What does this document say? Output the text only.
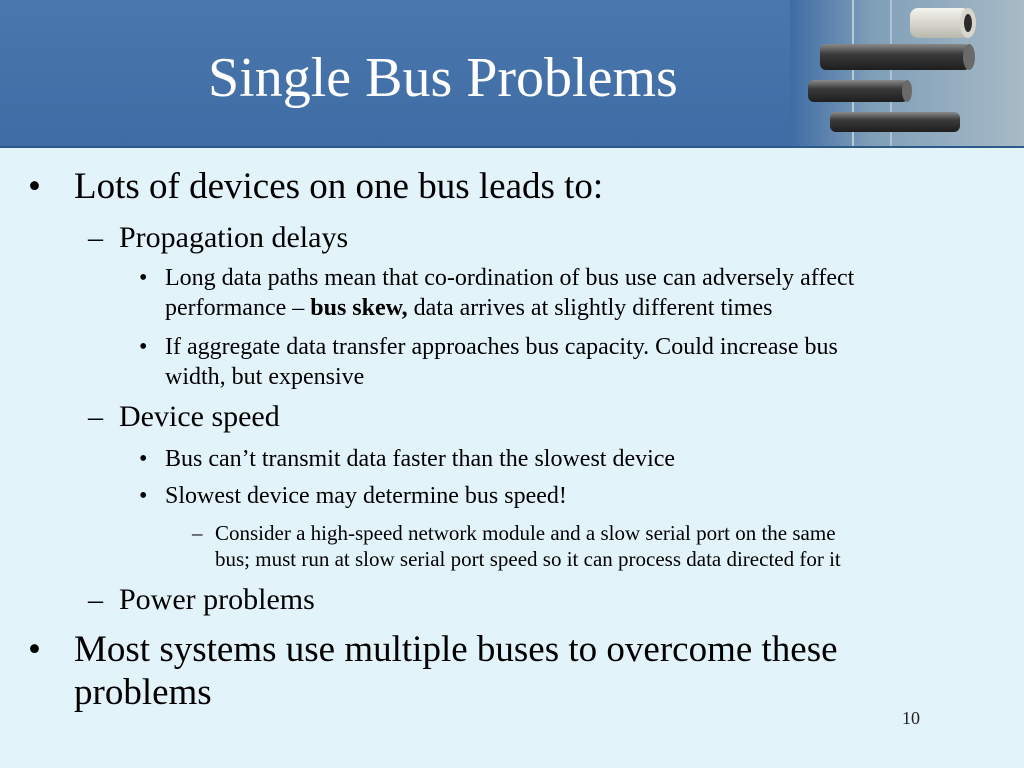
Single Bus Problems
• Lots of devices on one bus leads to:
– Propagation delays
• Long data paths mean that co-ordination of bus use can adversely affect
performance – bus skew, data arrives at slightly different times
• If aggregate data transfer approaches bus capacity. Could increase bus
width, but expensive
– Device speed
• Bus can’t transmit data faster than the slowest device
• Slowest device may determine bus speed!
– Consider a high-speed network module and a slow serial port on the same
bus; must run at slow serial port speed so it can process data directed for it
– Power problems
• Most systems use multiple buses to overcome these
problems
10
